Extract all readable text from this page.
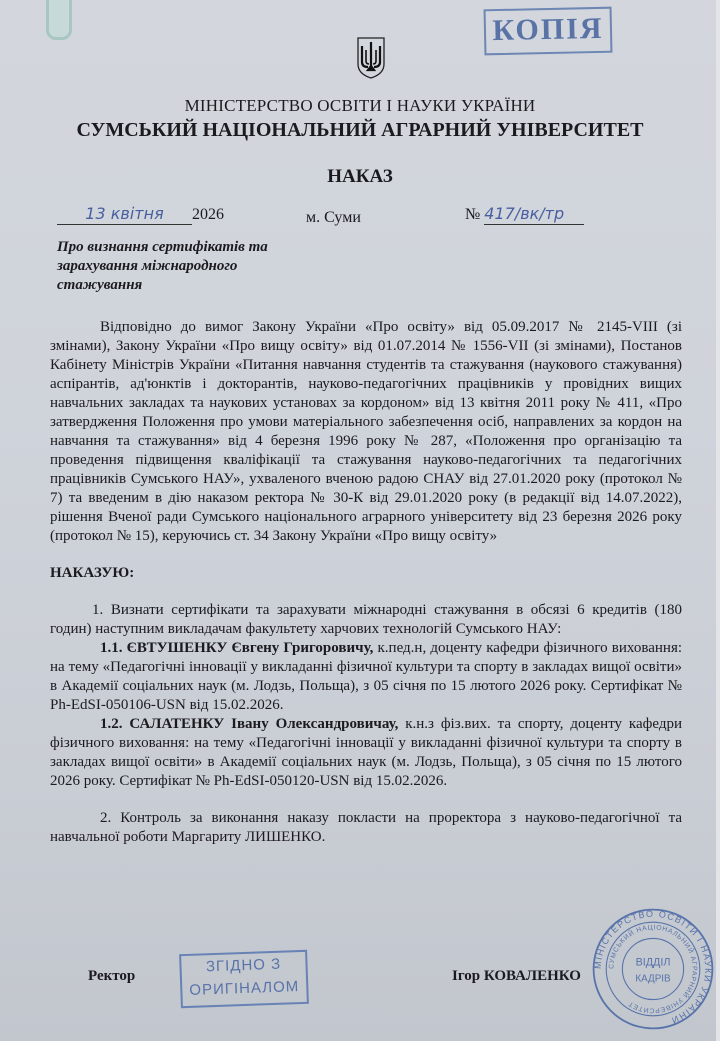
КОПІЯ
МІНІСТЕРСТВО ОСВІТИ І НАУКИ УКРАЇНИ
СУМСЬКИЙ НАЦІОНАЛЬНИЙ АГРАРНИЙ УНІВЕРСИТЕТ
НАКАЗ
13 квітня 2026	м. Суми	№ 417/вк/тр
Про визнання сертифікатів та зарахування міжнародного стажування

Відповідно до вимог Закону України «Про освіту» від 05.09.2017 № 2145-VIII (зі змінами), Закону України «Про вищу освіту» від 01.07.2014 № 1556-VII (зі змінами), Постанов Кабінету Міністрів України «Питання навчання студентів та стажування (наукового стажування) аспірантів, ад'юнктів і докторантів, науково-педагогічних працівників у провідних вищих навчальних закладах та наукових установах за кордоном» від 13 квітня 2011 року № 411, «Про затвердження Положення про умови матеріального забезпечення осіб, направлених за кордон на навчання та стажування» від 4 березня 1996 року № 287, «Положення про організацію та проведення підвищення кваліфікації та стажування науково-педагогічних та педагогічних працівників Сумського НАУ», ухваленого вченою радою СНАУ від 27.01.2020 року (протокол № 7) та введеним в дію наказом ректора № 30-К від 29.01.2020 року (в редакції від 14.07.2022), рішення Вченої ради Сумського національного аграрного університету від 23 березня 2026 року (протокол № 15), керуючись ст. 34 Закону України «Про вищу освіту»

НАКАЗУЮ:

1. Визнати сертифікати та зарахувати міжнародні стажування в обсязі 6 кредитів (180 годин) наступним викладачам факультету харчових технологій Сумського НАУ:

1.1. ЄВТУШЕНКУ Євгену Григоровичу, к.пед.н, доценту кафедри фізичного виховання: на тему «Педагогічні інновації у викладанні фізичної культури та спорту в закладах вищої освіти» в Академії соціальних наук (м. Лодзь, Польща), з 05 січня по 15 лютого 2026 року. Сертифікат № Ph-EdSI-050106-USN від 15.02.2026.

1.2. САЛАТЕНКУ Івану Олександровичау, к.н.з фіз.вих. та спорту, доценту кафедри фізичного виховання: на тему «Педагогічні інновації у викладанні фізичної культури та спорту в закладах вищої освіти» в Академії соціальних наук (м. Лодзь, Польща), з 05 січня по 15 лютого 2026 року. Сертифікат № Ph-EdSI-050120-USN від 15.02.2026.

2. Контроль за виконання наказу покласти на проректора з науково-педагогічної та навчальної роботи Маргариту ЛИШЕНКО.

ЗГІДНО З
ОРИГІНАЛОМ
Ректор	Ігор КОВАЛЕНКО
МІНІСТЕРСТВО ОСВІТИ І НАУКИ УКРАЇНИ
СУМСЬКИЙ НАЦІОНАЛЬНИЙ АГРАРНИЙ УНІВЕРСИТЕТ
ВІДДІЛ
КАДРІВ
